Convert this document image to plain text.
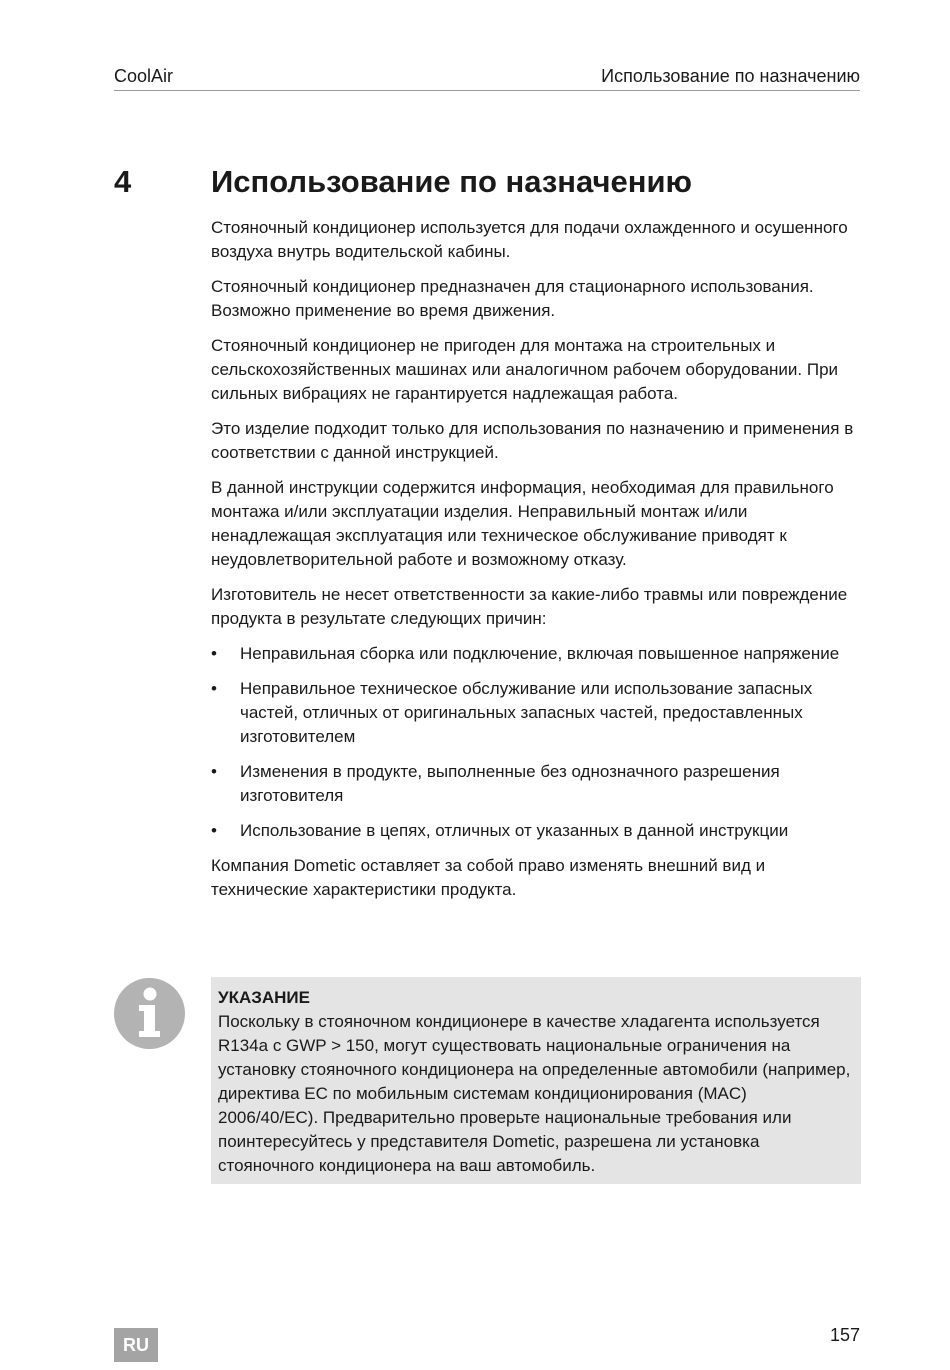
CoolAir	Использование по назначению
4	Использование по назначению

Стояночный кондиционер используется для подачи охлажденного и осушенного воздуха внутрь водительской кабины.

Стояночный кондиционер предназначен для стационарного использования. Возможно применение во время движения.

Стояночный кондиционер не пригоден для монтажа на строительных и сельскохозяйственных машинах или аналогичном рабочем оборудовании. При сильных вибрациях не гарантируется надлежащая работа.

Это изделие подходит только для использования по назначению и применения в соответствии с данной инструкцией.

В данной инструкции содержится информация, необходимая для правильного монтажа и/или эксплуатации изделия. Неправильный монтаж и/или ненадлежащая эксплуатация или техническое обслуживание приводят к неудовлетворительной работе и возможному отказу.

Изготовитель не несет ответственности за какие-либо травмы или повреждение продукта в результате следующих причин:

• Неправильная сборка или подключение, включая повышенное напряжение
• Неправильное техническое обслуживание или использование запасных частей, отличных от оригинальных запасных частей, предоставленных изготовителем
• Изменения в продукте, выполненные без однозначного разрешения изготовителя
• Использование в цепях, отличных от указанных в данной инструкции

Компания Dometic оставляет за собой право изменять внешний вид и технические характеристики продукта.

УКАЗАНИЕ
Поскольку в стояночном кондиционере в качестве хладагента используется R134a с GWP > 150, могут существовать национальные ограничения на установку стояночного кондиционера на определенные автомобили (например, директива ЕС по мобильным системам кондиционирования (MAC) 2006/40/EC). Предварительно проверьте национальные требования или поинтересуйтесь у представителя Dometic, разрешена ли установка стояночного кондиционера на ваш автомобиль.
RU	157
